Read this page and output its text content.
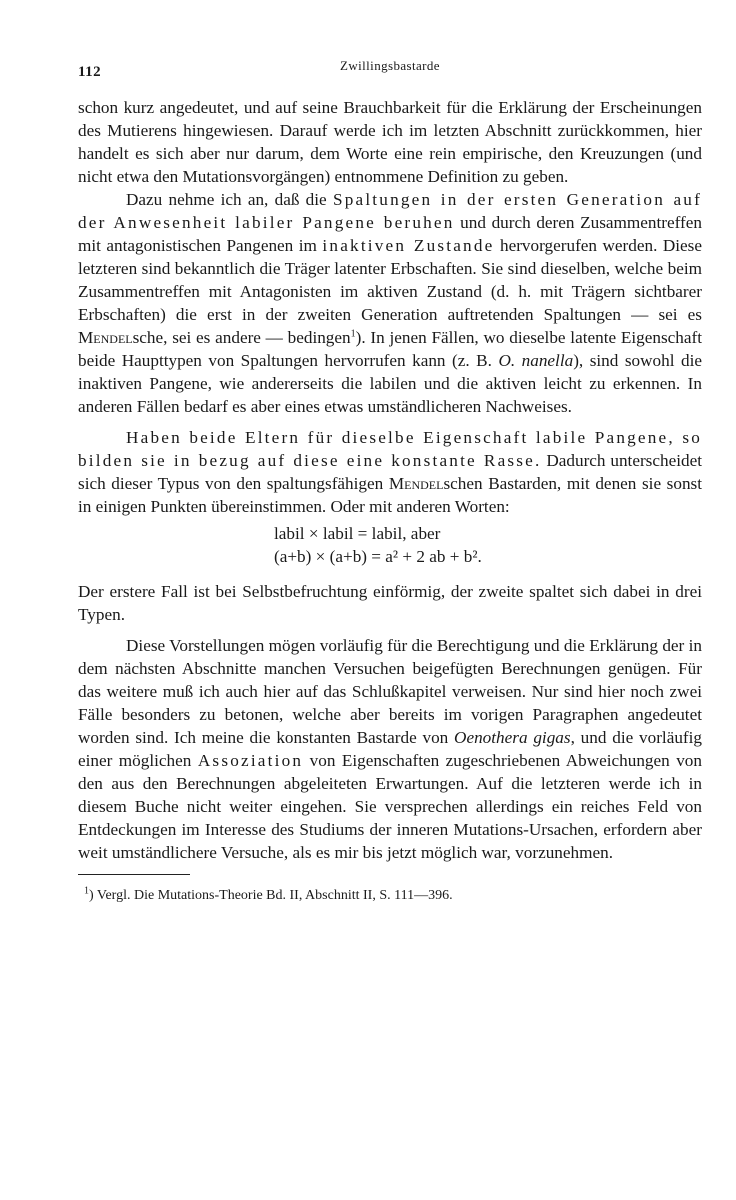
112	Zwillingsbastarde

schon kurz angedeutet, und auf seine Brauchbarkeit für die Erklärung der Erscheinungen des Mutierens hingewiesen. Darauf werde ich im letzten Abschnitt zurückkommen, hier handelt es sich aber nur darum, dem Worte eine rein empirische, den Kreuzungen (und nicht etwa den Mutationsvorgängen) entnommene Definition zu geben.

Dazu nehme ich an, daß die Spaltungen in der ersten Generation auf der Anwesenheit labiler Pangene beruhen und durch deren Zusammentreffen mit antagonistischen Pangenen im inaktiven Zustande hervorgerufen werden. Diese letzteren sind bekanntlich die Träger latenter Erbschaften. Sie sind dieselben, welche beim Zusammentreffen mit Antagonisten im aktiven Zustand (d. h. mit Trägern sichtbarer Erbschaften) die erst in der zweiten Generation auftretenden Spaltungen — sei es Mendelsche, sei es andere — bedingen$^1$). In jenen Fällen, wo dieselbe latente Eigenschaft beide Haupttypen von Spaltungen hervorrufen kann (z. B. O. nanella), sind sowohl die inaktiven Pangene, wie andererseits die labilen und die aktiven leicht zu erkennen. In anderen Fällen bedarf es aber eines etwas umständlicheren Nachweises.

Haben beide Eltern für dieselbe Eigenschaft labile Pangene, so bilden sie in bezug auf diese eine konstante Rasse. Dadurch unterscheidet sich dieser Typus von den spaltungsfähigen Mendelschen Bastarden, mit denen sie sonst in einigen Punkten übereinstimmen. Oder mit anderen Worten:

labil × labil = labil, aber
(a+b) × (a+b) = a² + 2 ab + b².

Der erstere Fall ist bei Selbstbefruchtung einförmig, der zweite spaltet sich dabei in drei Typen.

Diese Vorstellungen mögen vorläufig für die Berechtigung und die Erklärung der in dem nächsten Abschnitte manchen Versuchen beigefügten Berechnungen genügen. Für das weitere muß ich auch hier auf das Schlußkapitel verweisen. Nur sind hier noch zwei Fälle besonders zu betonen, welche aber bereits im vorigen Paragraphen angedeutet worden sind. Ich meine die konstanten Bastarde von Oenothera gigas, und die vorläufig einer möglichen Assoziation von Eigenschaften zugeschriebenen Abweichungen von den aus den Berechnungen abgeleiteten Erwartungen. Auf die letzteren werde ich in diesem Buche nicht weiter eingehen. Sie versprechen allerdings ein reiches Feld von Entdeckungen im Interesse des Studiums der inneren Mutations-Ursachen, erfordern aber weit umständlichere Versuche, als es mir bis jetzt möglich war, vorzunehmen.

$^1$) Vergl. Die Mutations-Theorie Bd. II, Abschnitt II, S. 111—396.
